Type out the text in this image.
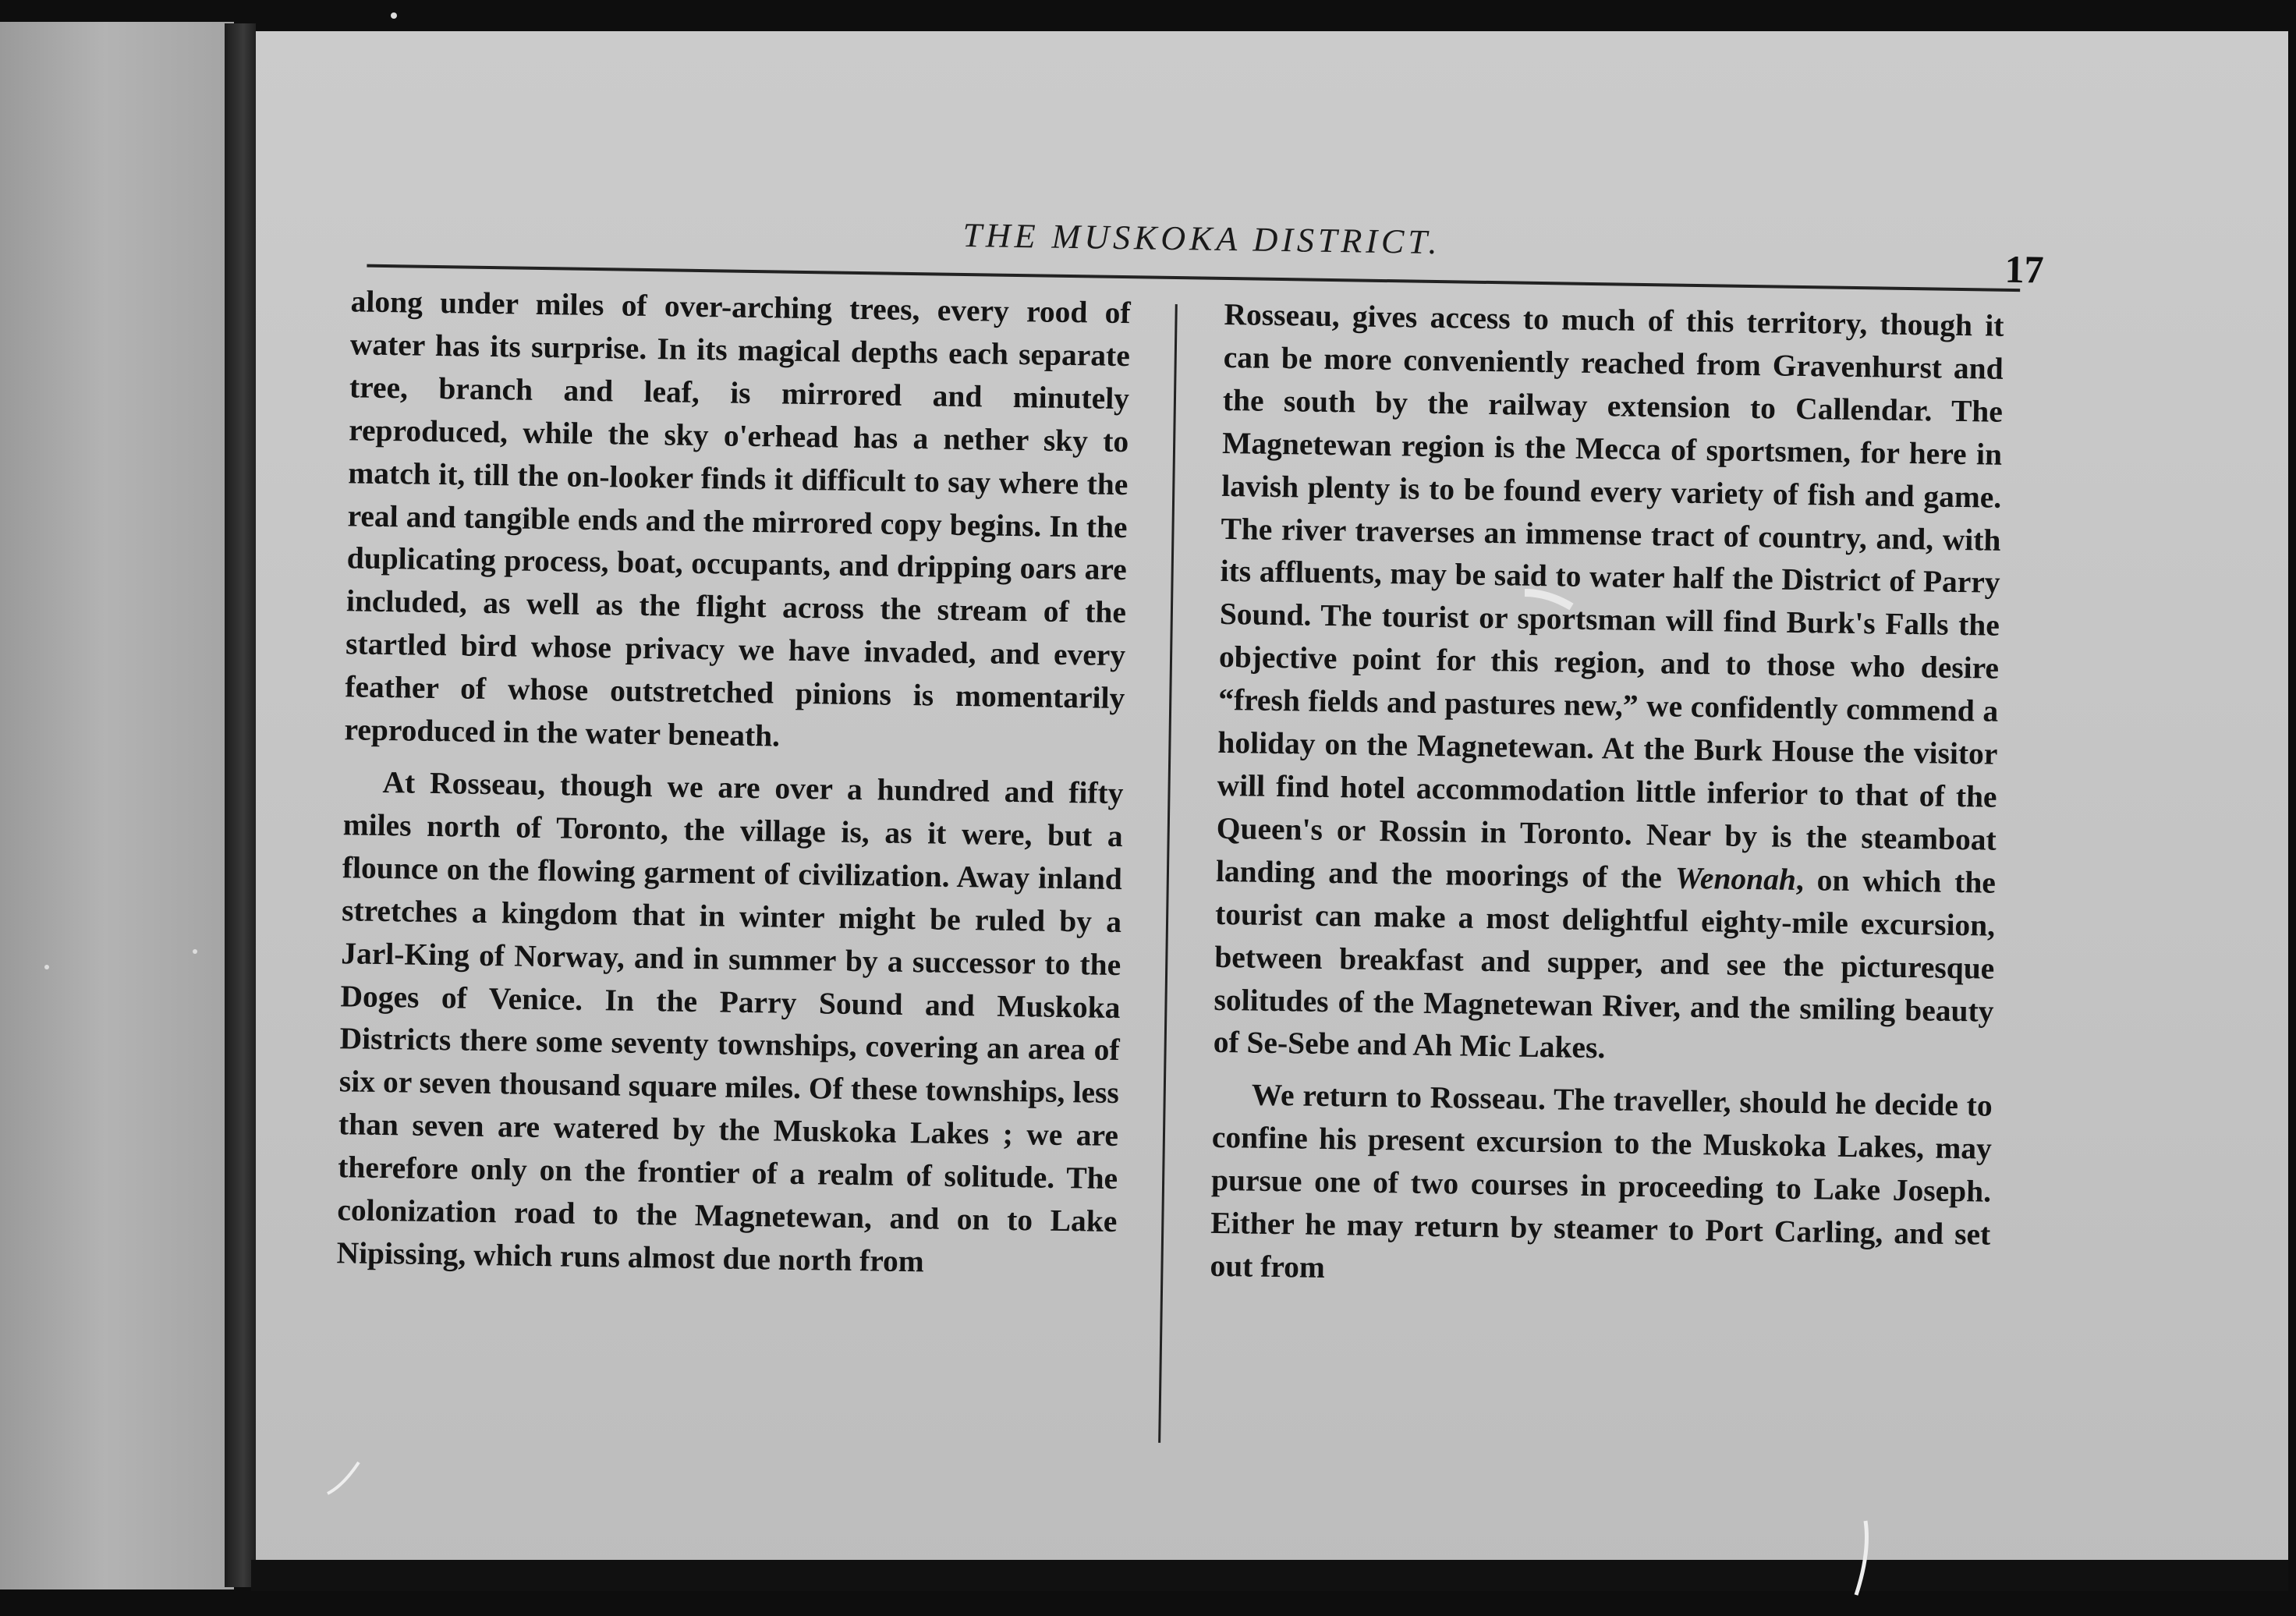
THE MUSKOKA DISTRICT.
17

along under miles of over-arching trees, every rood of water has its surprise. In its magical depths each separate tree, branch and leaf, is mirrored and minutely reproduced, while the sky o'erhead has a nether sky to match it, till the on-looker finds it difficult to say where the real and tangible ends and the mirrored copy begins. In the duplicating process, boat, occupants, and dripping oars are included, as well as the flight across the stream of the startled bird whose privacy we have invaded, and every feather of whose outstretched pinions is momentarily reproduced in the water beneath.

At Rosseau, though we are over a hundred and fifty miles north of Toronto, the village is, as it were, but a flounce on the flowing garment of civilization. Away inland stretches a kingdom that in winter might be ruled by a Jarl-King of Norway, and in summer by a successor to the Doges of Venice. In the Parry Sound and Muskoka Districts there some seventy townships, covering an area of six or seven thousand square miles. Of these townships, less than seven are watered by the Muskoka Lakes ; we are therefore only on the frontier of a realm of solitude. The colonization road to the Magnetewan, and on to Lake Nipissing, which runs almost due north from

Rosseau, gives access to much of this territory, though it can be more conveniently reached from Gravenhurst and the south by the railway extension to Callendar. The Magnetewan region is the Mecca of sportsmen, for here in lavish plenty is to be found every variety of fish and game. The river traverses an immense tract of country, and, with its affluents, may be said to water half the District of Parry Sound. The tourist or sportsman will find Burk's Falls the objective point for this region, and to those who desire “fresh fields and pastures new,” we confidently commend a holiday on the Magnetewan. At the Burk House the visitor will find hotel accommodation little inferior to that of the Queen's or Rossin in Toronto. Near by is the steamboat landing and the moorings of the Wenonah, on which the tourist can make a most delightful eighty-mile excursion, between breakfast and supper, and see the picturesque solitudes of the Magnetewan River, and the smiling beauty of Se-Sebe and Ah Mic Lakes.

We return to Rosseau. The traveller, should he decide to confine his present excursion to the Muskoka Lakes, may pursue one of two courses in proceeding to Lake Joseph. Either he may return by steamer to Port Carling, and set out from
